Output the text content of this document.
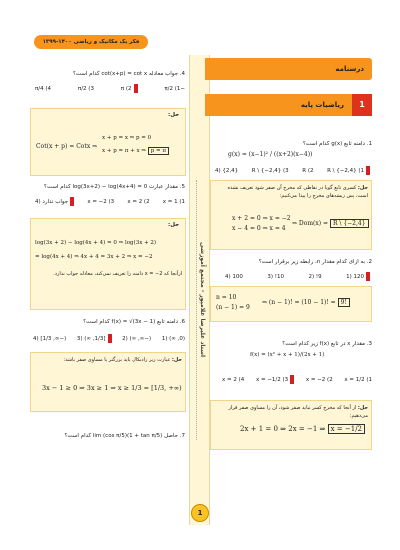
۱۳۹۹-۱۴۰۰ فکر یک مکانیک و ریاضی
استاد علیرضا غلامپور - مجتمع آموزشی
درسنامه
ریاضیات پایه	1
1. دامنه تابع g(x) کدام است؟
g(x) = (x−1)² / ((x+2)(x−4))
R \ {−2,4} (1
R (2
R \ {−2,4} (3
{2,4} (4
حل: کسری تابع گویا در نقاطی که مخرج آن صفر شود تعریف نشده است، پس ریشه‌های مخرج را پیدا می‌کنیم:
x + 2 = 0 ⇒ x = −2
x − 4 = 0 ⇒ x = 4
⇒ Dom(x) = R \ {−2,4}
2. به ازای کدام مقدار n، رابطه زیر برقرار است؟
120 (1
9! (2
10! (3
100 (4
n = 10
(n − 1) = 9
⇒ (n − 1)! = (10 − 1)! = 9!
3. مقدار x در تابع f(x) زیر کدام است؟
f(x) = (x² + x + 1)/(2x + 1)
x = 1/2 (1
x = −2 (2
x = −1/2 (3
x = 2 (4
حل: از آنجا که مخرج کسر نباید صفر شود، آن را مساوی صفر قرار می‌دهیم:
2x + 1 = 0 ⇒ 2x = −1 ⇒ x = −1/2
4. جواب معادله cot(x+p) = cot x کدام است؟
−π/2 (1
π (2
π/2 (3
π/4 (4
حل:
Cot(x + p) = Cotx ⇒
x + p = x ⇒ p = 0
x + p = π + x ⇒ p = π
5. مقدار عبارت log(3x+2) − log(4x+4) = 0 کدام است؟
x = 1 (1
x = 2 (2
x = −2 (3
جواب ندارد (4
حل:
log(3x + 2) − log(4x + 4) = 0 ⇒ log(3x + 2)
= log(4x + 4) ⇒ 4x + 4 = 3x + 2 ⇒ x = −2
ازآنجا که x = −2 دامنه را تعریف نمی‌کند، معادله جواب ندارد.
6. دامنه تابع f(x) = √(3x − 1) کدام است؟
(0, ∞) (1
(−∞, ∞) (2
[1/3, ∞) (3
(−∞, 1/3] (4
حل: عبارت زیر رادیکال باید بزرگتر یا مساوی صفر باشد:
3x − 1 ≥ 0 ⇒ 3x ≥ 1 ⇒ x ≥ 1/3 = [1/3, +∞)
7. حاصل lim (cos π/5)(1 + tan π/5) کدام است؟
1
